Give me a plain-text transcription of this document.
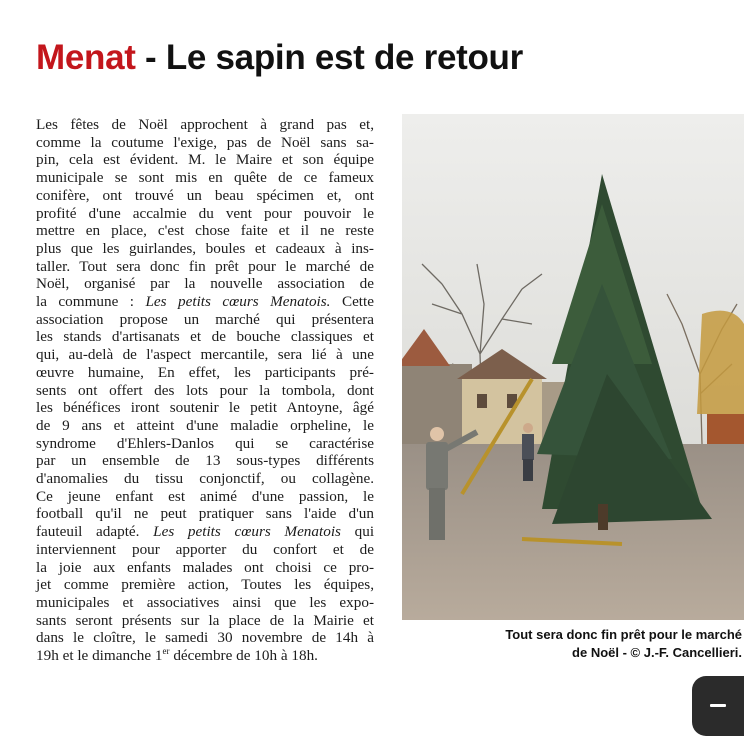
Menat - Le sapin est de retour
Les fêtes de Noël approchent à grand pas et,
comme la coutume l'exige, pas de Noël sans sa-
pin, cela est évident. M. le Maire et son équipe
municipale se sont mis en quête de ce fameux
conifère, ont trouvé un beau spécimen et, ont
profité d'une accalmie du vent pour pouvoir le
mettre en place, c'est chose faite et il ne reste
plus que les guirlandes, boules et cadeaux à ins-
taller. Tout sera donc fin prêt pour le marché de
Noël, organisé par la nouvelle association de
la commune : Les petits cœurs Menatois. Cette
association propose un marché qui présentera
les stands d'artisanats et de bouche classiques et
qui, au-delà de l'aspect mercantile, sera lié à une
œuvre humaine, En effet, les participants pré-
sents ont offert des lots pour la tombola, dont
les bénéfices iront soutenir le petit Antoyne, âgé
de 9 ans et atteint d'une maladie orpheline, le
syndrome d'Ehlers-Danlos qui se caractérise
par un ensemble de 13 sous-types différents
d'anomalies du tissu conjonctif, ou collagène.
Ce jeune enfant est animé d'une passion, le
football qu'il ne peut pratiquer sans l'aide d'un
fauteuil adapté. Les petits cœurs Menatois qui
interviennent pour apporter du confort et de
la joie aux enfants malades ont choisi ce pro-
jet comme première action, Toutes les équipes,
municipales et associatives ainsi que les expo-
sants seront présents sur la place de la Mairie et
dans le cloître, le samedi 30 novembre de 14h à
19h et le dimanche 1er décembre de 10h à 18h.
Tout sera donc fin prêt pour le marché
de Noël - © J.-F. Cancellieri.
